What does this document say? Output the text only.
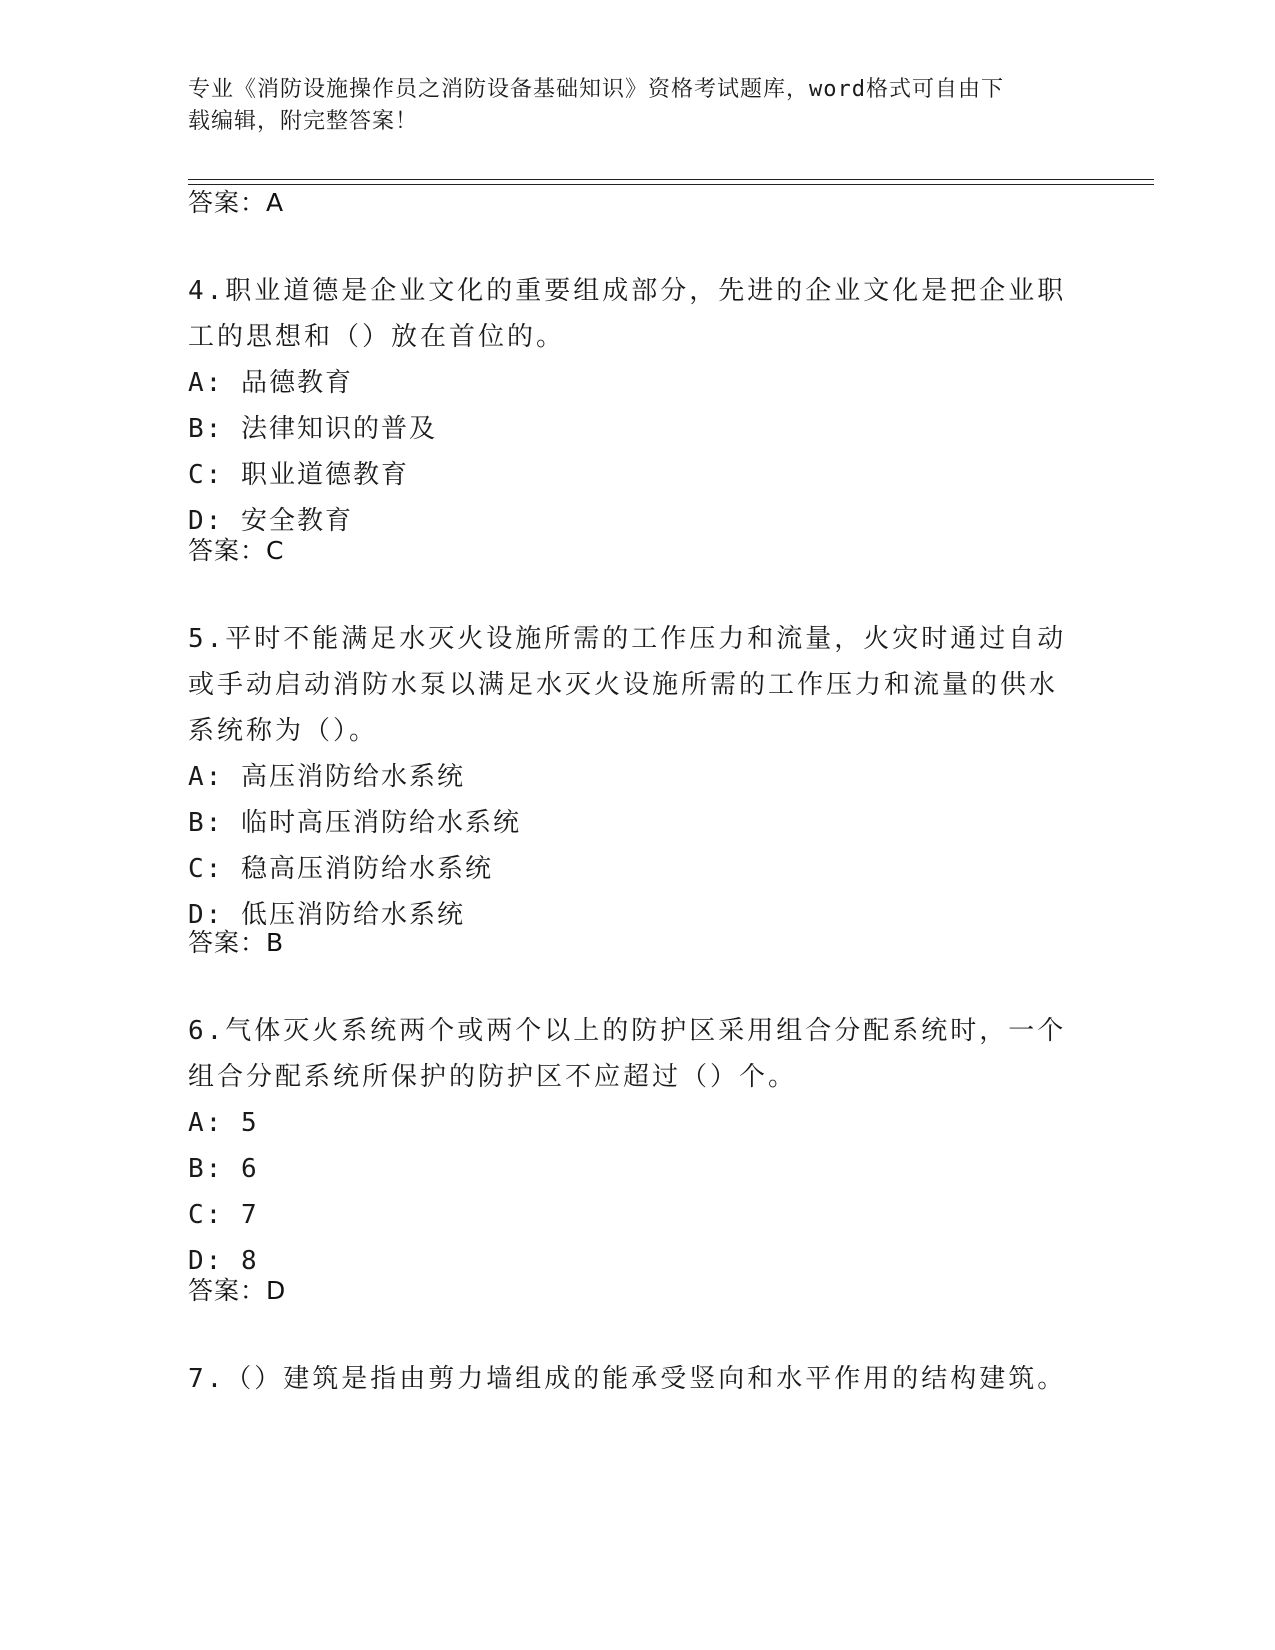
专业《消防设施操作员之消防设备基础知识》资格考试题库，word格式可自由下
载编辑，附完整答案！
答案：A
4.职业道德是企业文化的重要组成部分，先进的企业文化是把企业职
工的思想和（）放在首位的。
A: 品德教育
B: 法律知识的普及
C: 职业道德教育
D: 安全教育
答案：C
5.平时不能满足水灭火设施所需的工作压力和流量，火灾时通过自动
或手动启动消防水泵以满足水灭火设施所需的工作压力和流量的供水
系统称为（）。
A: 高压消防给水系统
B: 临时高压消防给水系统
C: 稳高压消防给水系统
D: 低压消防给水系统
答案：B
6.气体灭火系统两个或两个以上的防护区采用组合分配系统时，一个
组合分配系统所保护的防护区不应超过（）个。
A: 5
B: 6
C: 7
D: 8
答案：D
7.（）建筑是指由剪力墙组成的能承受竖向和水平作用的结构建筑。
